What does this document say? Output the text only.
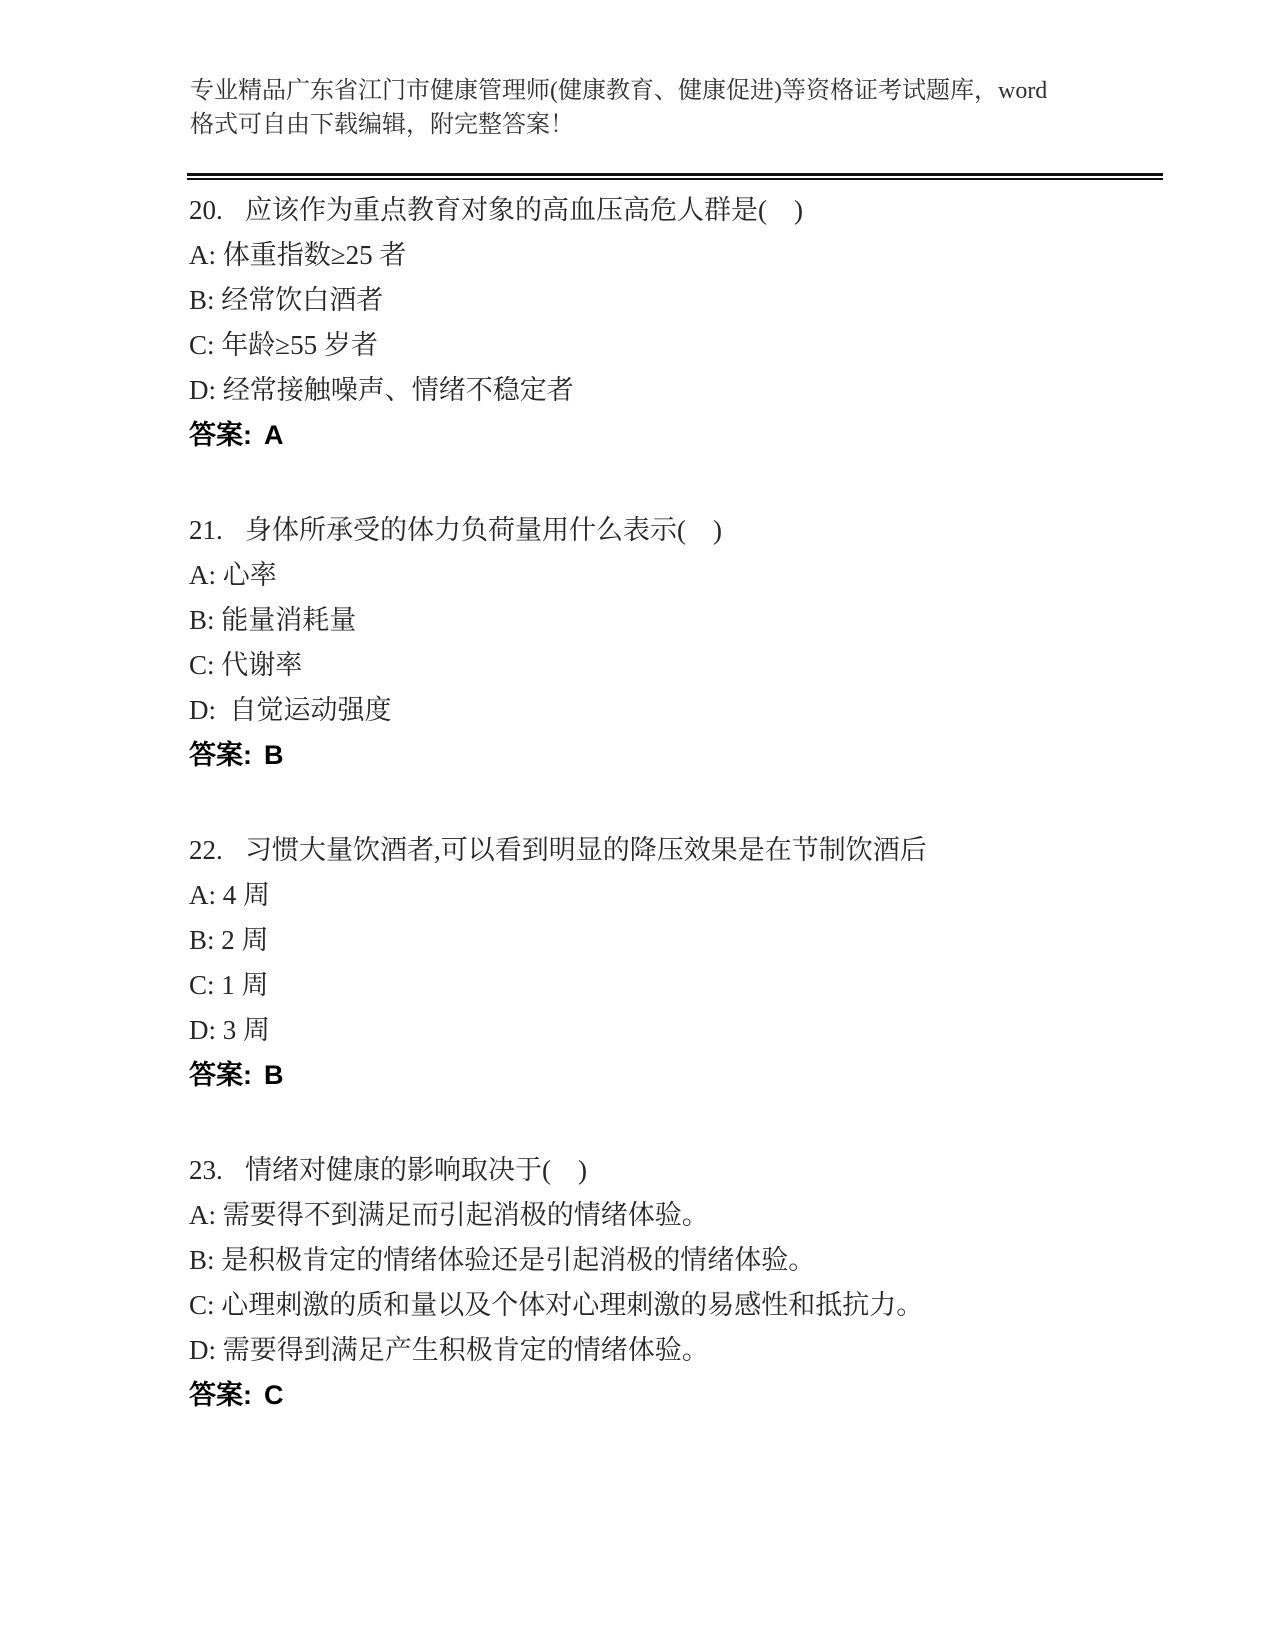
专业精品广东省江门市健康管理师(健康教育、健康促进)等资格证考试题库，word

格式可自由下载编辑，附完整答案！

20. 应该作为重点教育对象的高血压高危人群是(    )

A: 体重指数≥25 者

B: 经常饮白酒者

C: 年龄≥55 岁者

D: 经常接触噪声、情绪不稳定者

答案: A

21. 身体所承受的体力负荷量用什么表示(    )

A: 心率

B: 能量消耗量

C: 代谢率

D:  自觉运动强度

答案: B

22. 习惯大量饮酒者,可以看到明显的降压效果是在节制饮酒后

A: 4 周

B: 2 周

C: 1 周

D: 3 周

答案: B

23. 情绪对健康的影响取决于(    )

A: 需要得不到满足而引起消极的情绪体验。

B: 是积极肯定的情绪体验还是引起消极的情绪体验。

C: 心理刺激的质和量以及个体对心理刺激的易感性和抵抗力。

D: 需要得到满足产生积极肯定的情绪体验。

答案: C
